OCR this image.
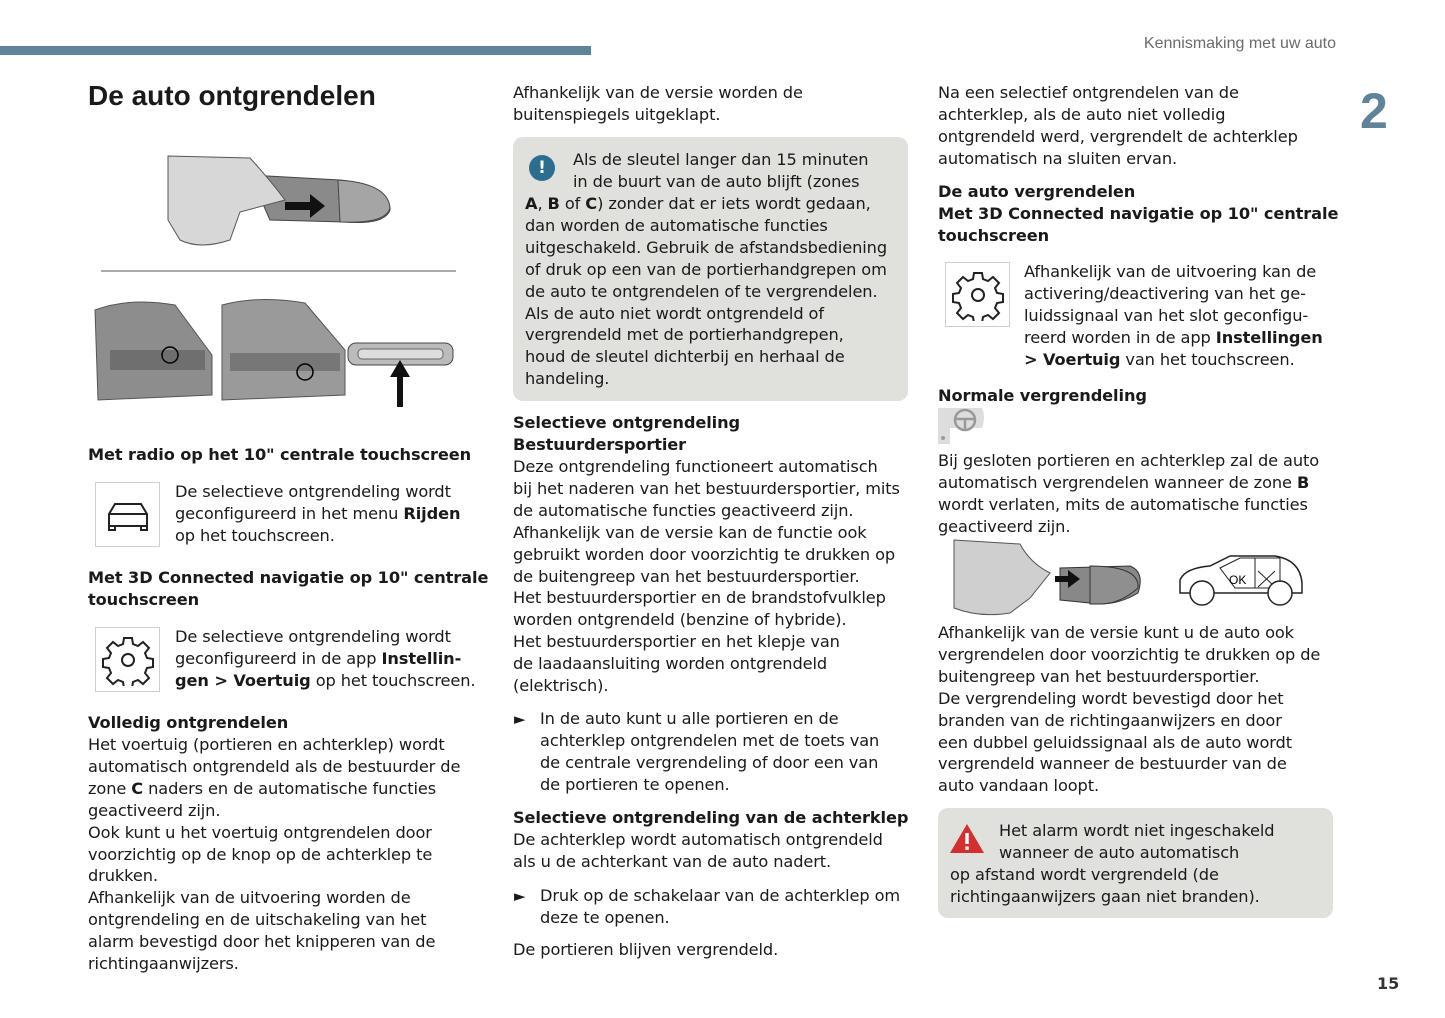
Kennismaking met uw auto
2
15
De auto ontgrendelen
Met radio op het 10" centrale touchscreen
De selectieve ontgrendeling wordt
geconfigureerd in het menu Rijden
op het touchscreen.
Met 3D Connected navigatie op 10" centrale
touchscreen
De selectieve ontgrendeling wordt
geconfigureerd in de app Instellin-
gen > Voertuig op het touchscreen.
Volledig ontgrendelen
Het voertuig (portieren en achterklep) wordt
automatisch ontgrendeld als de bestuurder de
zone C naders en de automatische functies
geactiveerd zijn.
Ook kunt u het voertuig ontgrendelen door
voorzichtig op de knop op de achterklep te
drukken.
Afhankelijk van de uitvoering worden de
ontgrendeling en de uitschakeling van het
alarm bevestigd door het knipperen van de
richtingaanwijzers.
Afhankelijk van de versie worden de
buitenspiegels uitgeklapt.
!	Als de sleutel langer dan 15 minuten
in de buurt van de auto blijft (zones
A, B of C) zonder dat er iets wordt gedaan,
dan worden de automatische functies
uitgeschakeld. Gebruik de afstandsbediening
of druk op een van de portierhandgrepen om
de auto te ontgrendelen of te vergrendelen.
Als de auto niet wordt ontgrendeld of
vergrendeld met de portierhandgrepen,
houd de sleutel dichterbij en herhaal de
handeling.
Selectieve ontgrendeling
Bestuurdersportier
Deze ontgrendeling functioneert automatisch
bij het naderen van het bestuurdersportier, mits
de automatische functies geactiveerd zijn.
Afhankelijk van de versie kan de functie ook
gebruikt worden door voorzichtig te drukken op
de buitengreep van het bestuurdersportier.
Het bestuurdersportier en de brandstofvulklep
worden ontgrendeld (benzine of hybride).
Het bestuurdersportier en het klepje van
de laadaansluiting worden ontgrendeld
(elektrisch).
► In de auto kunt u alle portieren en de
achterklep ontgrendelen met de toets van
de centrale vergrendeling of door een van
de portieren te openen.
Selectieve ontgrendeling van de achterklep
De achterklep wordt automatisch ontgrendeld
als u de achterkant van de auto nadert.
► Druk op de schakelaar van de achterklep om
deze te openen.
De portieren blijven vergrendeld.
Na een selectief ontgrendelen van de
achterklep, als de auto niet volledig
ontgrendeld werd, vergrendelt de achterklep
automatisch na sluiten ervan.
De auto vergrendelen
Met 3D Connected navigatie op 10" centrale
touchscreen
Afhankelijk van de uitvoering kan de
activering/deactivering van het ge-
luidssignaal van het slot geconfigu-
reerd worden in de app Instellingen
> Voertuig van het touchscreen.
Normale vergrendeling
Bij gesloten portieren en achterklep zal de auto
automatisch vergrendelen wanneer de zone B
wordt verlaten, mits de automatische functies
geactiveerd zijn.
OK
Afhankelijk van de versie kunt u de auto ook
vergrendelen door voorzichtig te drukken op de
buitengreep van het bestuurdersportier.
De vergrendeling wordt bevestigd door het
branden van de richtingaanwijzers en door
een dubbel geluidssignaal als de auto wordt
vergrendeld wanneer de bestuurder van de
auto vandaan loopt.
Het alarm wordt niet ingeschakeld
wanneer de auto automatisch
op afstand wordt vergrendeld (de
richtingaanwijzers gaan niet branden).
